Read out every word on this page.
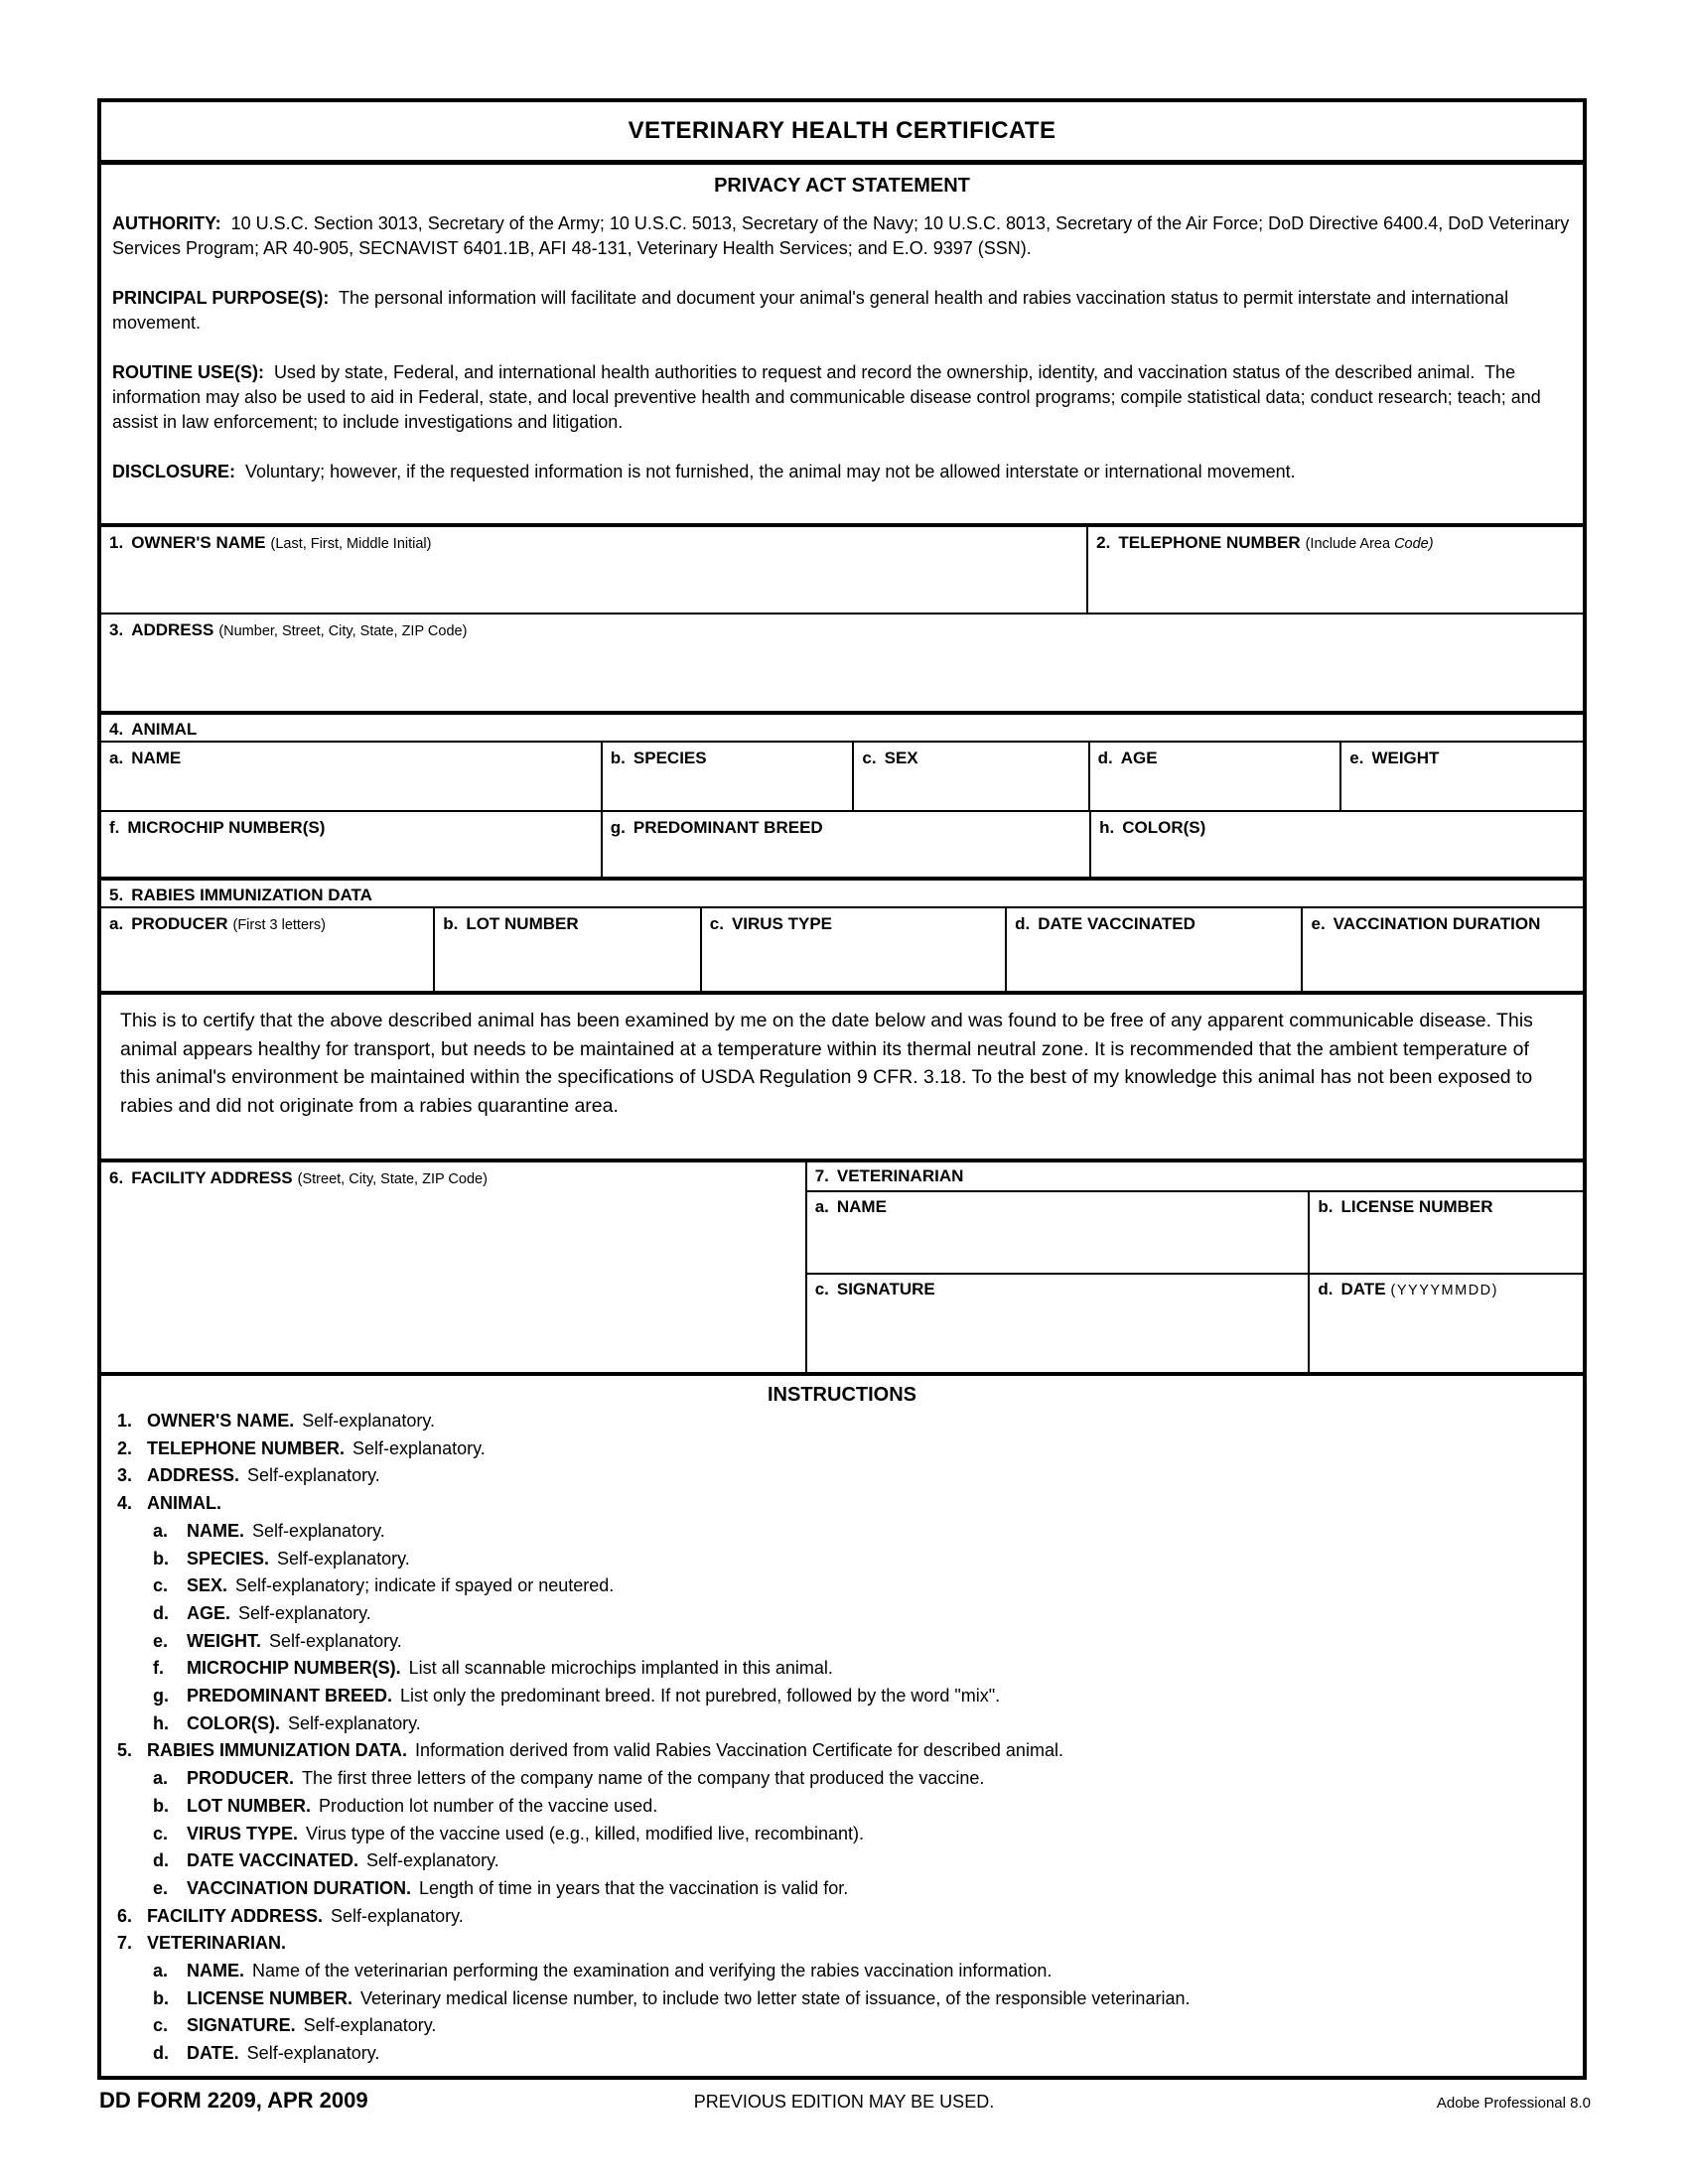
VETERINARY HEALTH CERTIFICATE
PRIVACY ACT STATEMENT
AUTHORITY:  10 U.S.C. Section 3013, Secretary of the Army; 10 U.S.C. 5013, Secretary of the Navy; 10 U.S.C. 8013, Secretary of the Air Force; DoD Directive 6400.4, DoD Veterinary Services Program; AR 40-905, SECNAVIST 6401.1B, AFI 48-131, Veterinary Health Services; and E.O. 9397 (SSN).
PRINCIPAL PURPOSE(S):  The personal information will facilitate and document your animal's general health and rabies vaccination status to permit interstate and international movement.
ROUTINE USE(S):  Used by state, Federal, and international health authorities to request and record the ownership, identity, and vaccination status of the described animal.  The information may also be used to aid in Federal, state, and local preventive health and communicable disease control programs; compile statistical data; conduct research; teach; and assist in law enforcement; to include investigations and litigation.
DISCLOSURE:  Voluntary; however, if the requested information is not furnished, the animal may not be allowed interstate or international movement.
1. OWNER'S NAME (Last, First, Middle Initial)	2. TELEPHONE NUMBER (Include Area Code)
3. ADDRESS (Number, Street, City, State, ZIP Code)
4. ANIMAL
a. NAME	b. SPECIES	c. SEX	d. AGE	e. WEIGHT
f. MICROCHIP NUMBER(S)	g. PREDOMINANT BREED	h. COLOR(S)
5. RABIES IMMUNIZATION DATA
a. PRODUCER (First 3 letters)	b. LOT NUMBER	c. VIRUS TYPE	d. DATE VACCINATED	e. VACCINATION DURATION
This is to certify that the above described animal has been examined by me on the date below and was found to be free of any apparent communicable disease. This animal appears healthy for transport, but needs to be maintained at a temperature within its thermal neutral zone. It is recommended that the ambient temperature of this animal's environment be maintained within the specifications of USDA Regulation 9 CFR. 3.18. To the best of my knowledge this animal has not been exposed to rabies and did not originate from a rabies quarantine area.
6. FACILITY ADDRESS (Street, City, State, ZIP Code)	7. VETERINARIAN
a. NAME	b. LICENSE NUMBER
c. SIGNATURE	d. DATE (YYYYMMDD)
INSTRUCTIONS
1. OWNER'S NAME. Self-explanatory.
2. TELEPHONE NUMBER. Self-explanatory.
3. ADDRESS. Self-explanatory.
4. ANIMAL.
a. NAME. Self-explanatory.
b. SPECIES. Self-explanatory.
c. SEX. Self-explanatory; indicate if spayed or neutered.
d. AGE. Self-explanatory.
e. WEIGHT. Self-explanatory.
f. MICROCHIP NUMBER(S). List all scannable microchips implanted in this animal.
g. PREDOMINANT BREED. List only the predominant breed. If not purebred, followed by the word "mix".
h. COLOR(S). Self-explanatory.
5. RABIES IMMUNIZATION DATA. Information derived from valid Rabies Vaccination Certificate for described animal.
a. PRODUCER. The first three letters of the company name of the company that produced the vaccine.
b. LOT NUMBER. Production lot number of the vaccine used.
c. VIRUS TYPE. Virus type of the vaccine used (e.g., killed, modified live, recombinant).
d. DATE VACCINATED. Self-explanatory.
e. VACCINATION DURATION. Length of time in years that the vaccination is valid for.
6. FACILITY ADDRESS. Self-explanatory.
7. VETERINARIAN.
a. NAME. Name of the veterinarian performing the examination and verifying the rabies vaccination information.
b. LICENSE NUMBER. Veterinary medical license number, to include two letter state of issuance, of the responsible veterinarian.
c. SIGNATURE. Self-explanatory.
d. DATE. Self-explanatory.
DD FORM 2209, APR 2009	PREVIOUS EDITION MAY BE USED.	Adobe Professional 8.0
